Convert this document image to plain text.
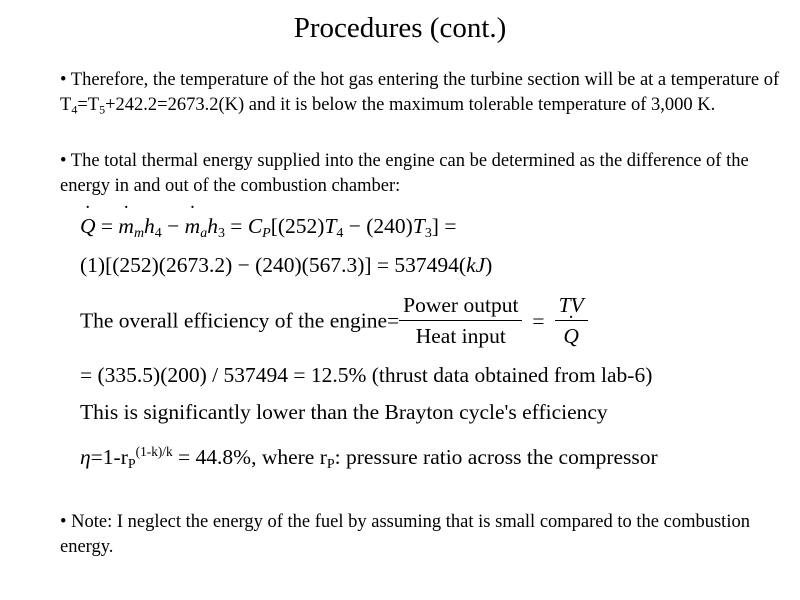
Procedures (cont.)
• Therefore, the temperature of the hot gas entering the turbine section will be at a temperature of $T_4=T_5+242.2=2673.2(K)$ and it is below the maximum tolerable temperature of 3,000 K.
• The total thermal energy supplied into the engine can be determined as the difference of the energy in and out of the combustion chamber:
˙ Q = ˙ $m_mh_4$ − ˙ $m_ah_3 = C_P[(252)T_4 - (240)T_3]$ =
(1)[(252)(2673.2) − (240)(567.3)] = 537494(kJ)
The overall efficiency of the engine= $\frac{\text{Power output}}{\text{Heat input}}$ = TV
˙ Q
= (335.5)(200) / 537494 = 12.5% (thrust data obtained from lab-6)
This is significantly lower than the Brayton cycle's efficiency
$\eta=1-r_P^{(1-k)/k} = 44.8\%$, where $r_P$: pressure ratio across the compressor
• Note: I neglect the energy of the fuel by assuming that is small compared to the combustion energy.
